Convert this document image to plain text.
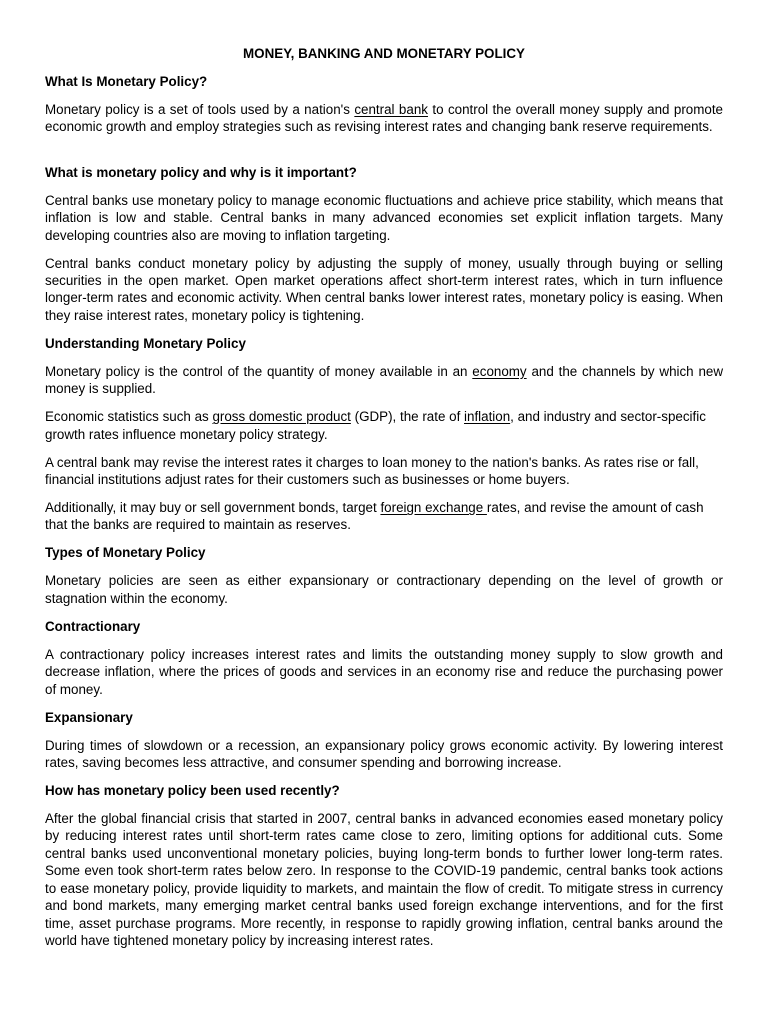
MONEY, BANKING AND MONETARY POLICY
What Is Monetary Policy?

Monetary policy is a set of tools used by a nation's central bank to control the overall money supply and promote economic growth and employ strategies such as revising interest rates and changing bank reserve requirements.

What is monetary policy and why is it important?

Central banks use monetary policy to manage economic fluctuations and achieve price stability, which means that inflation is low and stable. Central banks in many advanced economies set explicit inflation targets. Many developing countries also are moving to inflation targeting.

Central banks conduct monetary policy by adjusting the supply of money, usually through buying or selling securities in the open market. Open market operations affect short-term interest rates, which in turn influence longer-term rates and economic activity. When central banks lower interest rates, monetary policy is easing. When they raise interest rates, monetary policy is tightening.

Understanding Monetary Policy

Monetary policy is the control of the quantity of money available in an economy and the channels by which new money is supplied.

Economic statistics such as gross domestic product (GDP), the rate of inflation, and industry and sector-specific growth rates influence monetary policy strategy.

A central bank may revise the interest rates it charges to loan money to the nation's banks. As rates rise or fall, financial institutions adjust rates for their customers such as businesses or home buyers.

Additionally, it may buy or sell government bonds, target foreign exchange rates, and revise the amount of cash that the banks are required to maintain as reserves.

Types of Monetary Policy

Monetary policies are seen as either expansionary or contractionary depending on the level of growth or stagnation within the economy.

Contractionary

A contractionary policy increases interest rates and limits the outstanding money supply to slow growth and decrease inflation, where the prices of goods and services in an economy rise and reduce the purchasing power of money.

Expansionary

During times of slowdown or a recession, an expansionary policy grows economic activity. By lowering interest rates, saving becomes less attractive, and consumer spending and borrowing increase.

How has monetary policy been used recently?

After the global financial crisis that started in 2007, central banks in advanced economies eased monetary policy by reducing interest rates until short-term rates came close to zero, limiting options for additional cuts. Some central banks used unconventional monetary policies, buying long-term bonds to further lower long-term rates. Some even took short-term rates below zero. In response to the COVID-19 pandemic, central banks took actions to ease monetary policy, provide liquidity to markets, and maintain the flow of credit. To mitigate stress in currency and bond markets, many emerging market central banks used foreign exchange interventions, and for the first time, asset purchase programs. More recently, in response to rapidly growing inflation, central banks around the world have tightened monetary policy by increasing interest rates.
